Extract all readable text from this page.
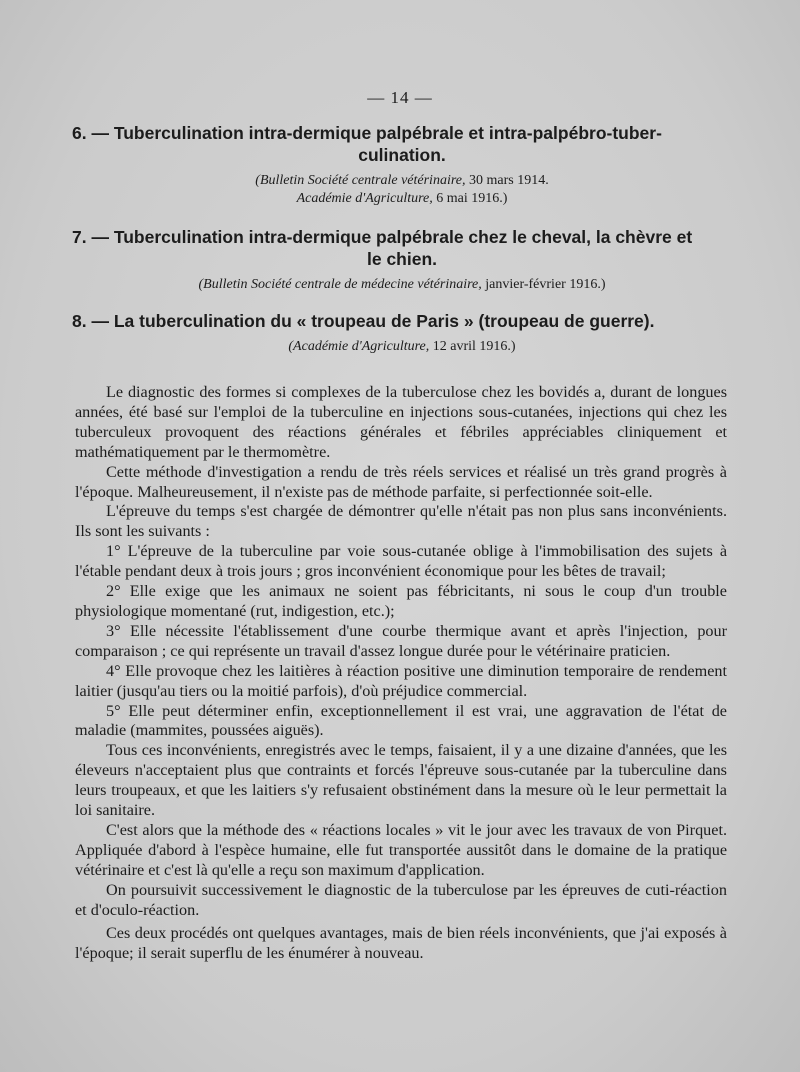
— 14 —
6. — Tuberculination intra-dermique palpébrale et intra-palpébro-tuber-
culination.
(Bulletin Société centrale vétérinaire, 30 mars 1914.
Académie d'Agriculture, 6 mai 1916.)
7. — Tuberculination intra-dermique palpébrale chez le cheval, la chèvre et
le chien.
(Bulletin Société centrale de médecine vétérinaire, janvier-février 1916.)
8. — La tuberculination du « troupeau de Paris » (troupeau de guerre).
(Académie d'Agriculture, 12 avril 1916.)

Le diagnostic des formes si complexes de la tuberculose chez les bovidés a, durant de longues années, été basé sur l'emploi de la tuberculine en injections sous-cutanées, injections qui chez les tuberculeux provoquent des réactions générales et fébriles appréciables cliniquement et mathématiquement par le thermomètre.

Cette méthode d'investigation a rendu de très réels services et réalisé un très grand progrès à l'époque. Malheureusement, il n'existe pas de méthode parfaite, si perfectionnée soit-elle.

L'épreuve du temps s'est chargée de démontrer qu'elle n'était pas non plus sans inconvénients. Ils sont les suivants :

1° L'épreuve de la tuberculine par voie sous-cutanée oblige à l'immobilisation des sujets à l'étable pendant deux à trois jours ; gros inconvénient économique pour les bêtes de travail;

2° Elle exige que les animaux ne soient pas fébricitants, ni sous le coup d'un trouble physiologique momentané (rut, indigestion, etc.);

3° Elle nécessite l'établissement d'une courbe thermique avant et après l'injection, pour comparaison ; ce qui représente un travail d'assez longue durée pour le vétérinaire praticien.

4° Elle provoque chez les laitières à réaction positive une diminution temporaire de rendement laitier (jusqu'au tiers ou la moitié parfois), d'où préjudice commercial.

5° Elle peut déterminer enfin, exceptionnellement il est vrai, une aggravation de l'état de maladie (mammites, poussées aiguës).

Tous ces inconvénients, enregistrés avec le temps, faisaient, il y a une dizaine d'années, que les éleveurs n'acceptaient plus que contraints et forcés l'épreuve sous-cutanée par la tuberculine dans leurs troupeaux, et que les laitiers s'y refusaient obstinément dans la mesure où le leur permettait la loi sanitaire.

C'est alors que la méthode des « réactions locales » vit le jour avec les travaux de von Pirquet. Appliquée d'abord à l'espèce humaine, elle fut transportée aussitôt dans le domaine de la pratique vétérinaire et c'est là qu'elle a reçu son maximum d'application.

On poursuivit successivement le diagnostic de la tuberculose par les épreuves de cuti-réaction et d'oculo-réaction.

Ces deux procédés ont quelques avantages, mais de bien réels inconvénients, que j'ai exposés à l'époque; il serait superflu de les énumérer à nouveau.
